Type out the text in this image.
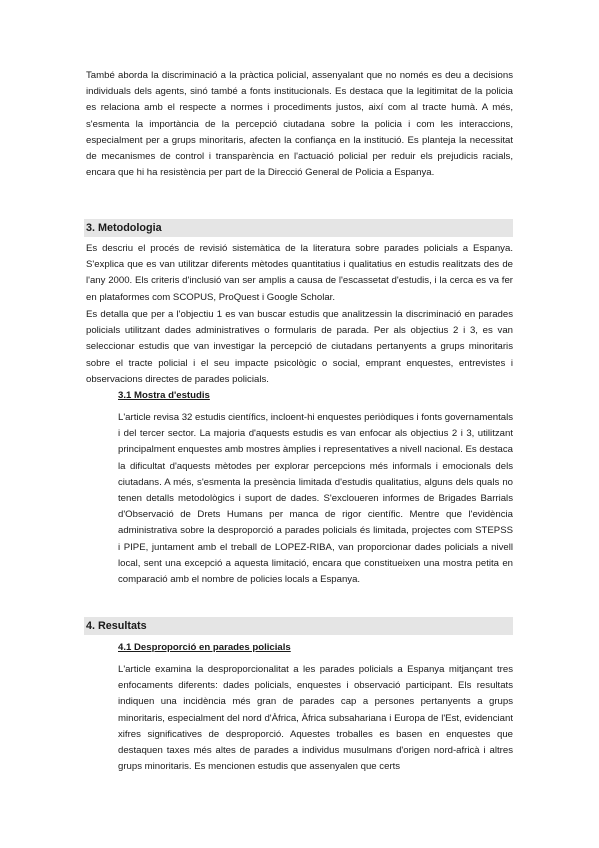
També aborda la discriminació a la pràctica policial, assenyalant que no només es deu a decisions individuals dels agents, sinó també a fonts institucionals. Es destaca que la legitimitat de la policia es relaciona amb el respecte a normes i procediments justos, així com al tracte humà. A més, s'esmenta la importància de la percepció ciutadana sobre la policia i com les interaccions, especialment per a grups minoritaris, afecten la confiança en la institució. Es planteja la necessitat de mecanismes de control i transparència en l'actuació policial per reduir els prejudicis racials, encara que hi ha resistència per part de la Direcció General de Policia a Espanya.

3. Metodologia

Es descriu el procés de revisió sistemàtica de la literatura sobre parades policials a Espanya. S'explica que es van utilitzar diferents mètodes quantitatius i qualitatius en estudis realitzats des de l'any 2000. Els criteris d'inclusió van ser amplis a causa de l'escassetat d'estudis, i la cerca es va fer en plataformes com SCOPUS, ProQuest i Google Scholar.

Es detalla que per a l'objectiu 1 es van buscar estudis que analitzessin la discriminació en parades policials utilitzant dades administratives o formularis de parada. Per als objectius 2 i 3, es van seleccionar estudis que van investigar la percepció de ciutadans pertanyents a grups minoritaris sobre el tracte policial i el seu impacte psicològic o social, emprant enquestes, entrevistes i observacions directes de parades policials.

3.1 Mostra d'estudis

L'article revisa 32 estudis científics, incloent-hi enquestes periòdiques i fonts governamentals i del tercer sector. La majoria d'aquests estudis es van enfocar als objectius 2 i 3, utilitzant principalment enquestes amb mostres àmplies i representatives a nivell nacional. Es destaca la dificultat d'aquests mètodes per explorar percepcions més informals i emocionals dels ciutadans. A més, s'esmenta la presència limitada d'estudis qualitatius, alguns dels quals no tenen detalls metodològics i suport de dades. S'excloueren informes de Brigades Barrials d'Observació de Drets Humans per manca de rigor científic. Mentre que l'evidència administrativa sobre la desproporció a parades policials és limitada, projectes com STEPSS i PIPE, juntament amb el treball de LOPEZ-RIBA, van proporcionar dades policials a nivell local, sent una excepció a aquesta limitació, encara que constitueixen una mostra petita en comparació amb el nombre de policies locals a Espanya.

4. Resultats
4.1 Desproporció en parades policials

L'article examina la desproporcionalitat a les parades policials a Espanya mitjançant tres enfocaments diferents: dades policials, enquestes i observació participant. Els resultats indiquen una incidència més gran de parades cap a persones pertanyents a grups minoritaris, especialment del nord d'Àfrica, Àfrica subsahariana i Europa de l'Est, evidenciant xifres significatives de desproporció. Aquestes troballes es basen en enquestes que destaquen taxes més altes de parades a individus musulmans d'origen nord-africà i altres grups minoritaris. Es mencionen estudis que assenyalen que certs
